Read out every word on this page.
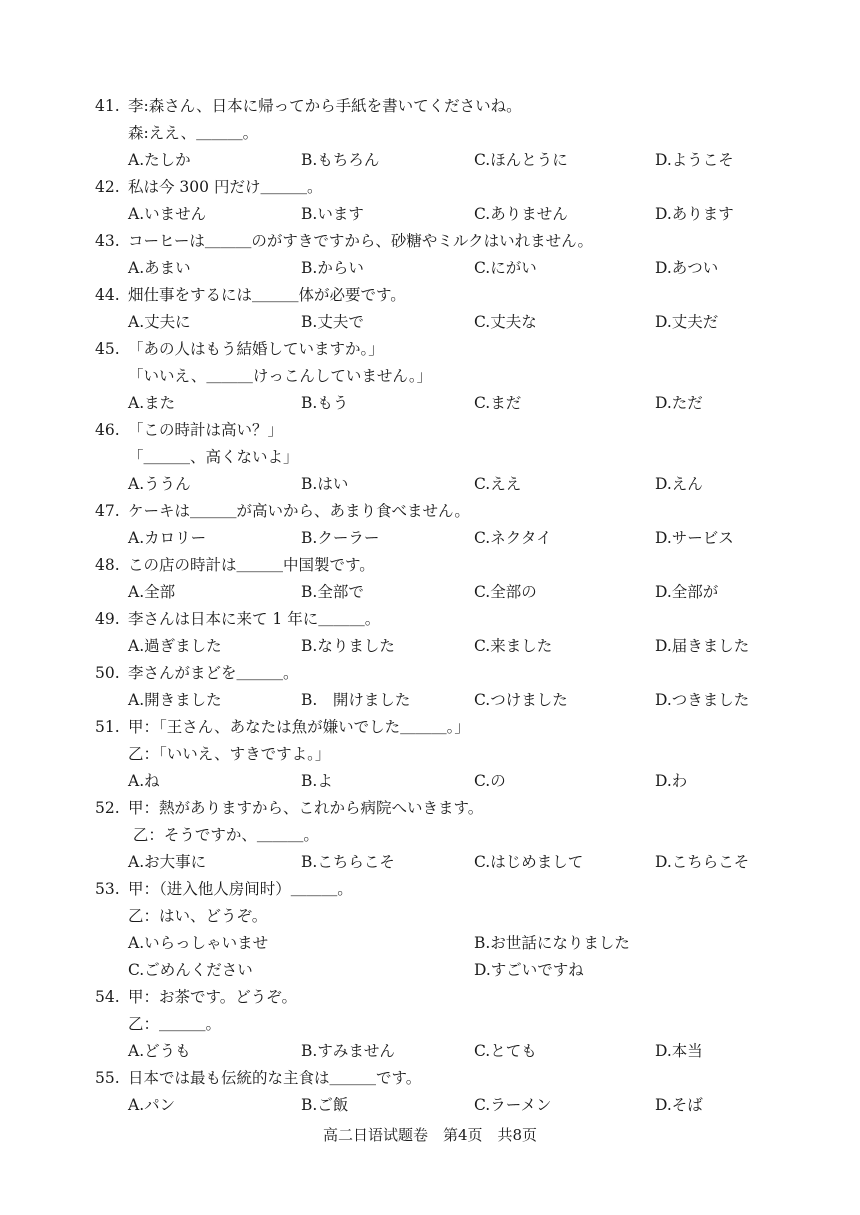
41. 李:森さん、日本に帰ってから手紙を書いてくださいね。
森:ええ、＿＿＿。
A.たしか	B.もちろん	C.ほんとうに	D.ようこそ
42. 私は今 300 円だけ＿＿＿。
A.いません	B.います	C.ありません	D.あります
43. コーヒーは＿＿＿のがすきですから、砂糖やミルクはいれません。
A.あまい	B.からい	C.にがい	D.あつい
44. 畑仕事をするには＿＿＿体が必要です。
A.丈夫に	B.丈夫で	C.丈夫な	D.丈夫だ
45. 「あの人はもう結婚していますか。」
「いいえ、＿＿＿けっこんしていません。」
A.また	B.もう	C.まだ	D.ただ
46. 「この時計は高い？」
「＿＿＿、高くないよ」
A.ううん	B.はい	C.ええ	D.えん
47. ケーキは＿＿＿が高いから、あまり食べません。
A.カロリー	B.クーラー	C.ネクタイ	D.サービス
48. この店の時計は＿＿＿中国製です。
A.全部	B.全部で	C.全部の	D.全部が
49. 李さんは日本に来て 1 年に＿＿＿。
A.過ぎました	B.なりました	C.来ました	D.届きました
50. 李さんがまどを＿＿＿。
A.開きました	B.　開けました	C.つけました	D.つきました
51. 甲：「王さん、あなたは魚が嫌いでした＿＿＿。」
乙：「いいえ、すきですよ。」
A.ね	B.よ	C.の	D.わ
52. 甲：熱がありますから、これから病院へいきます。
乙：そうですか、＿＿＿。
A.お大事に	B.こちらこそ	C.はじめまして	D.こちらこそ
53. 甲：（进入他人房间时）＿＿＿。
乙：はい、どうぞ。
A.いらっしゃいませ	B.お世話になりました
C.ごめんください	D.すごいですね
54. 甲：お茶です。どうぞ。
乙：＿＿＿。
A.どうも	B.すみません	C.とても	D.本当
55. 日本では最も伝統的な主食は＿＿＿です。
A.パン	B.ご飯	C.ラーメン	D.そば
高二日语试题卷　第4页　共8页
